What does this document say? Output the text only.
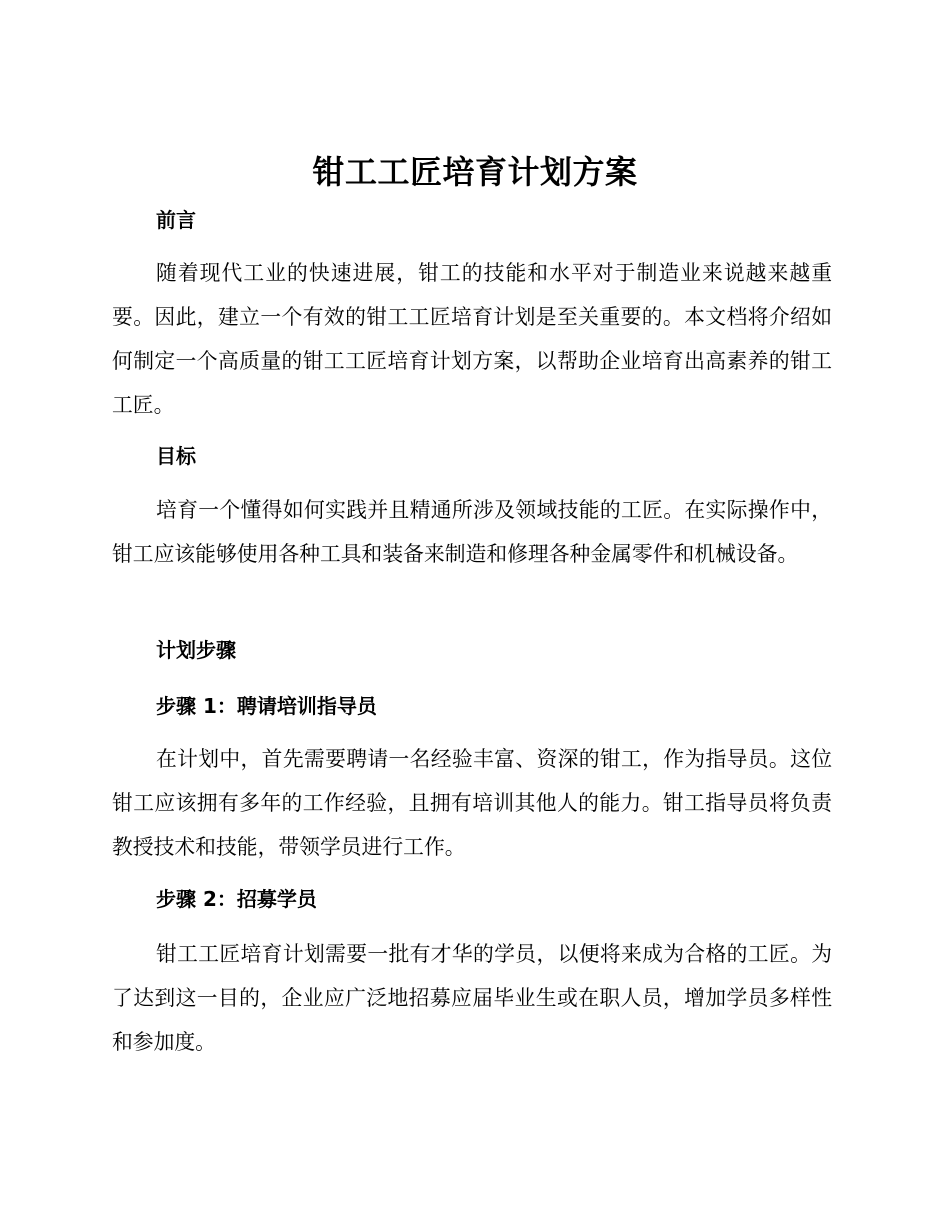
钳工工匠培育计划方案
前言

随着现代工业的快速进展，钳工的技能和水平对于制造业来说越来越重要。因此，建立一个有效的钳工工匠培育计划是至关重要的。本文档将介绍如何制定一个高质量的钳工工匠培育计划方案，以帮助企业培育出高素养的钳工工匠。

目标

培育一个懂得如何实践并且精通所涉及领域技能的工匠。在实际操作中，钳工应该能够使用各种工具和装备来制造和修理各种金属零件和机械设备。

计划步骤
步骤 1：聘请培训指导员

在计划中，首先需要聘请一名经验丰富、资深的钳工，作为指导员。这位钳工应该拥有多年的工作经验，且拥有培训其他人的能力。钳工指导员将负责教授技术和技能，带领学员进行工作。

步骤 2：招募学员

钳工工匠培育计划需要一批有才华的学员，以便将来成为合格的工匠。为了达到这一目的，企业应广泛地招募应届毕业生或在职人员，增加学员多样性和参加度。
